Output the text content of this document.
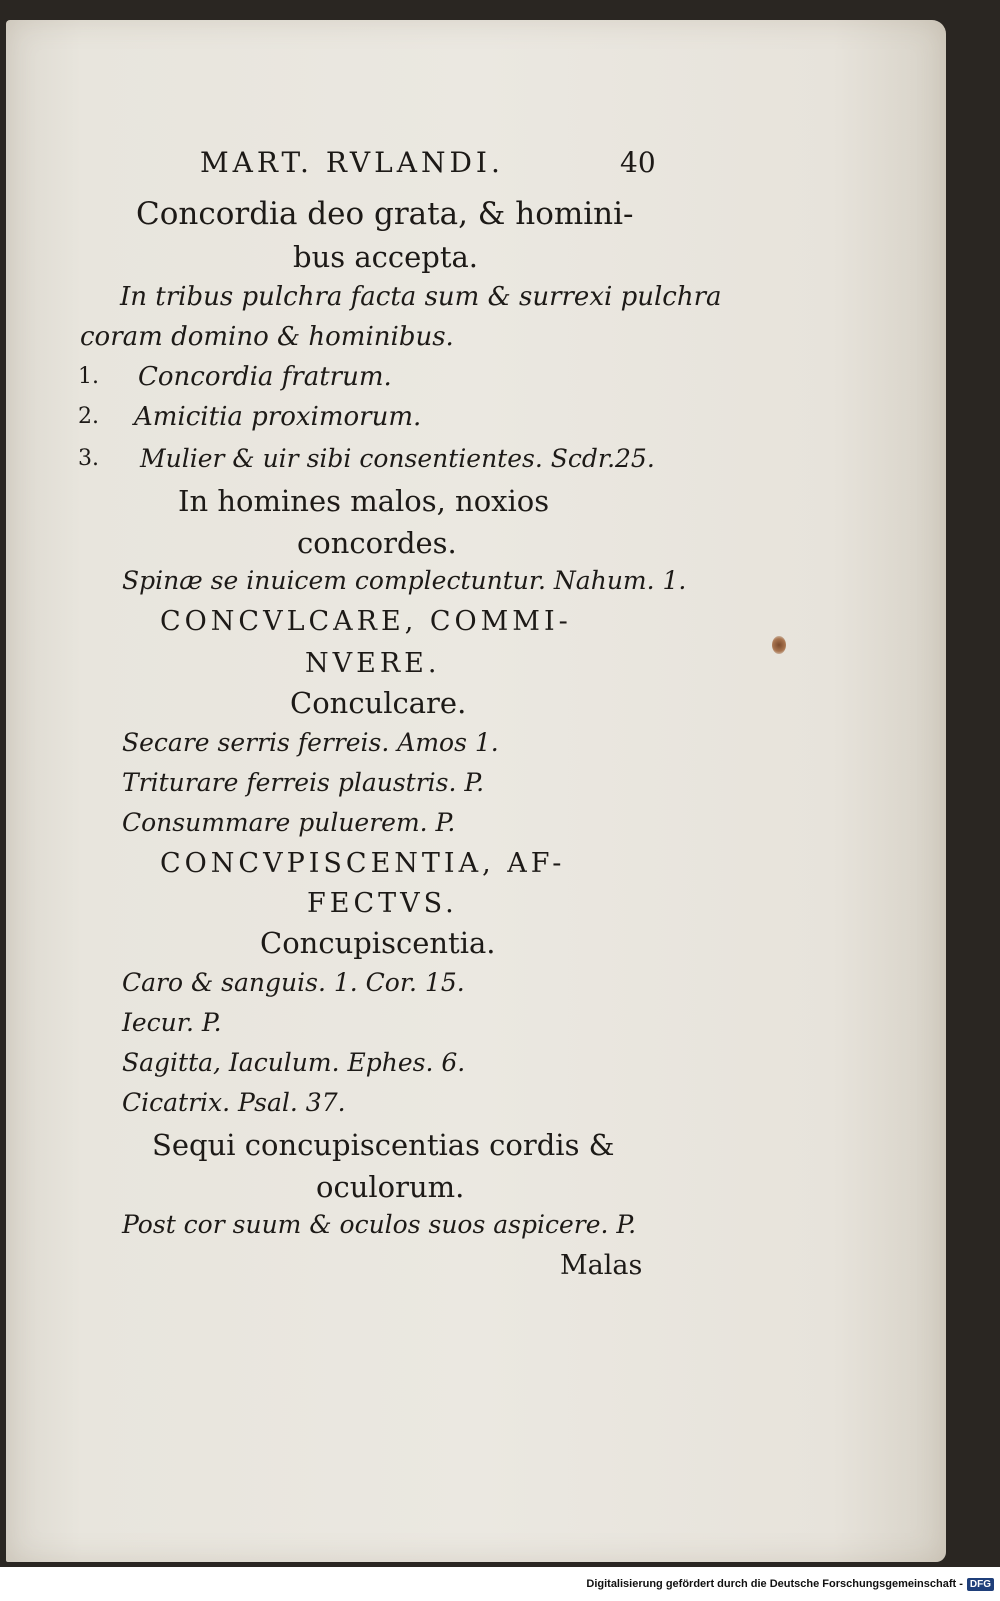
MART. RVLANDI.	40
Concordia deo grata, & homini-
bus accepta.
In tribus pulchra facta sum & surrexi pulchra
coram domino & hominibus.
1. Concordia fratrum.
2. Amicitia proximorum.
3. Mulier & uir sibi consentientes. Scdr.25.
In homines malos, noxios
concordes.
Spinæ se inuicem complectuntur. Nahum. 1.
CONCVLCARE, COMMI-
NVERE.
Conculcare.
Secare serris ferreis. Amos 1.
Triturare ferreis plaustris. P.
Consummare puluerem. P.
CONCVPISCENTIA, AF-
FECTVS.
Concupiscentia.
Caro & sanguis. 1. Cor. 15.
Iecur. P.
Sagitta, Iaculum. Ephes. 6.
Cicatrix. Psal. 37.
Sequi concupiscentias cordis &
oculorum.
Post cor suum & oculos suos aspicere. P.
Malas
Digitalisierung gefördert durch die Deutsche Forschungsgemeinschaft - DFG
